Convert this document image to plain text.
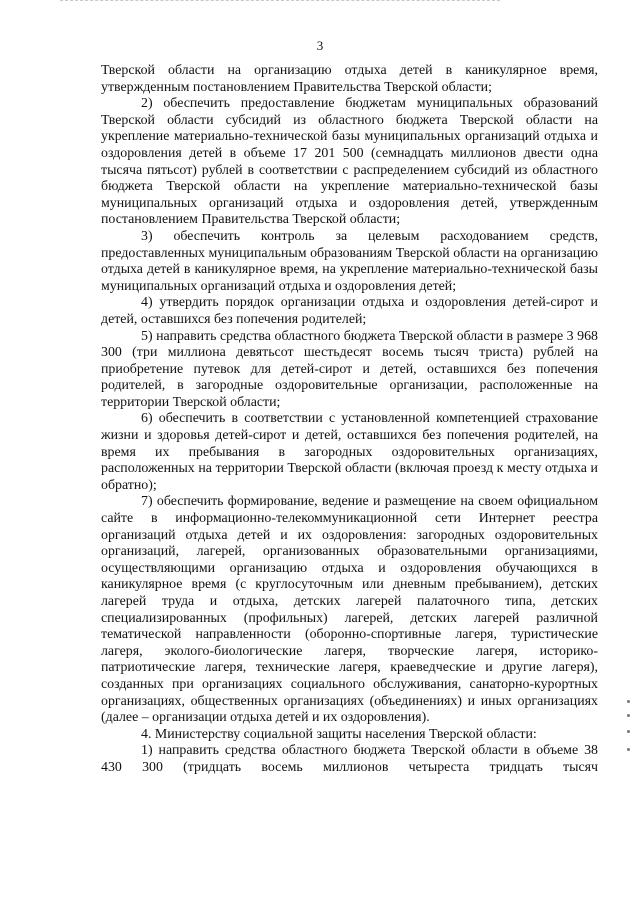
3

Тверской области на организацию отдыха детей в каникулярное время, утвержденным постановлением Правительства Тверской области;

2) обеспечить предоставление бюджетам муниципальных образований Тверской области субсидий из областного бюджета Тверской области на укрепление материально-технической базы муниципальных организаций отдыха и оздоровления детей в объеме 17 201 500 (семнадцать миллионов двести одна тысяча пятьсот) рублей в соответствии с распределением субсидий из областного бюджета Тверской области на укрепление материально-технической базы муниципальных организаций отдыха и оздоровления детей, утвержденным постановлением Правительства Тверской области;

3) обеспечить контроль за целевым расходованием средств, предоставленных муниципальным образованиям Тверской области на организацию отдыха детей в каникулярное время, на укрепление материально-технической базы муниципальных организаций отдыха и оздоровления детей;

4) утвердить порядок организации отдыха и оздоровления детей-сирот и детей, оставшихся без попечения родителей;

5) направить средства областного бюджета Тверской области в размере 3 968 300 (три миллиона девятьсот шестьдесят восемь тысяч триста) рублей на приобретение путевок для детей-сирот и детей, оставшихся без попечения родителей, в загородные оздоровительные организации, расположенные на территории Тверской области;

6) обеспечить в соответствии с установленной компетенцией страхование жизни и здоровья детей-сирот и детей, оставшихся без попечения родителей, на время их пребывания в загородных оздоровительных организациях, расположенных на территории Тверской области (включая проезд к месту отдыха и обратно);

7) обеспечить формирование, ведение и размещение на своем официальном сайте в информационно-телекоммуникационной сети Интернет реестра организаций отдыха детей и их оздоровления: загородных оздоровительных организаций, лагерей, организованных образовательными организациями, осуществляющими организацию отдыха и оздоровления обучающихся в каникулярное время (с круглосуточным или дневным пребыванием), детских лагерей труда и отдыха, детских лагерей палаточного типа, детских специализированных (профильных) лагерей, детских лагерей различной тематической направленности (оборонно-спортивные лагеря, туристические лагеря, эколого-биологические лагеря, творческие лагеря, историко-патриотические лагеря, технические лагеря, краеведческие и другие лагеря), созданных при организациях социального обслуживания, санаторно-курортных организациях, общественных организациях (объединениях) и иных организациях (далее – организации отдыха детей и их оздоровления).

4. Министерству социальной защиты населения Тверской области:

1) направить средства областного бюджета Тверской области в объеме 38 430 300 (тридцать восемь миллионов четыреста тридцать тысяч
